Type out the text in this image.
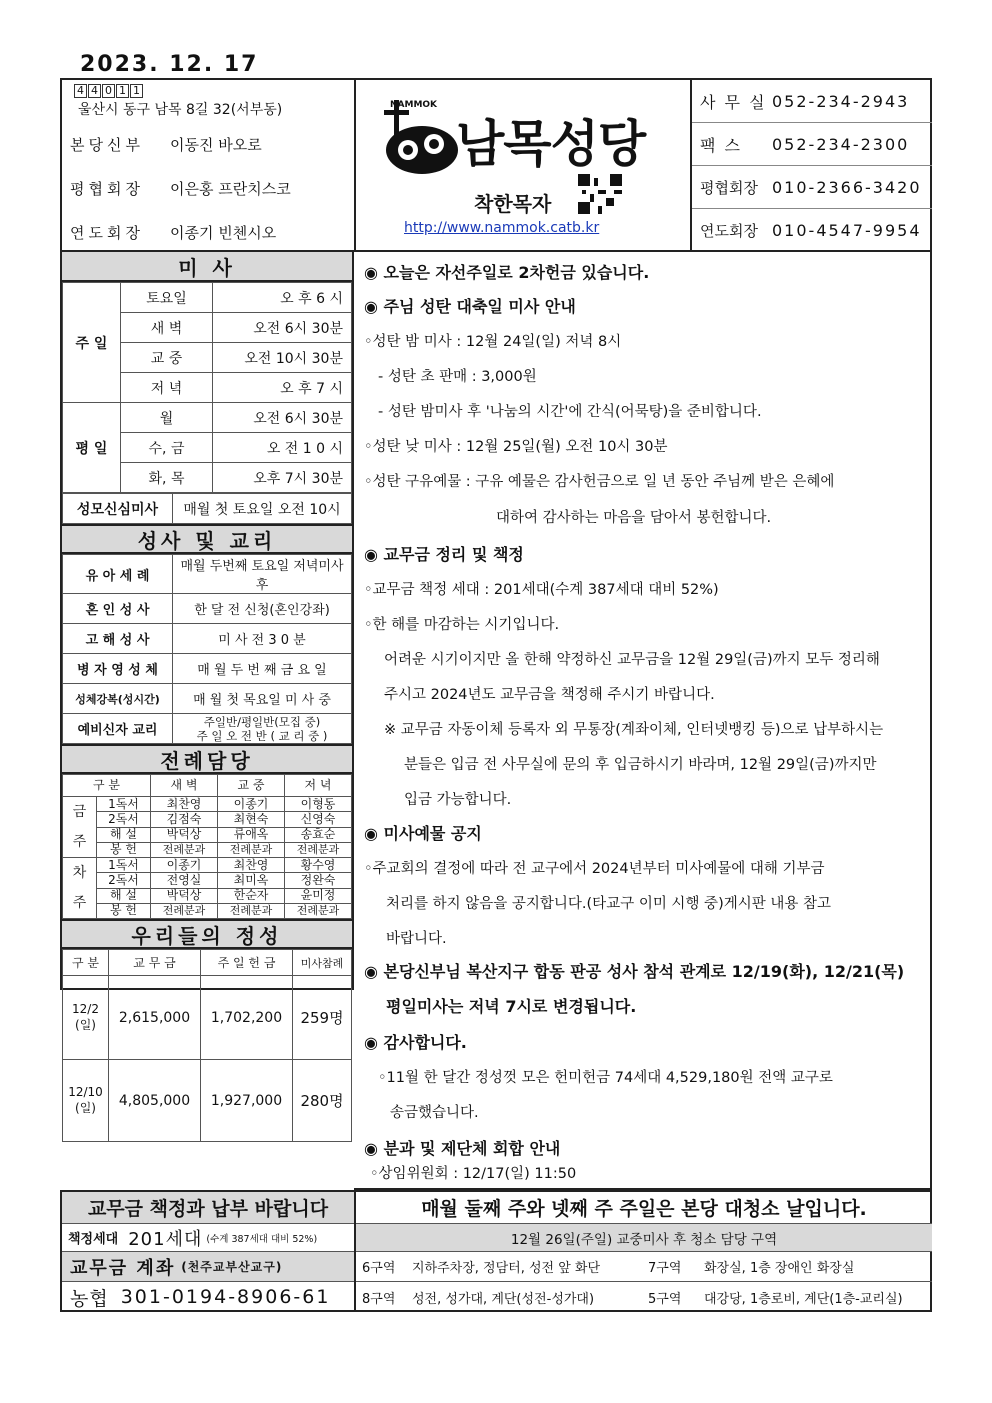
2023. 12. 17
4 4 0 1 1
울산시 동구 남목 8길 32(서부동)
본당신부	이동진 바오로
평협회장	이은홍 프란치스코
연도회장	이종기 빈첸시오
NAMMOK
남목성당
착한목자
http://www.nammok.catb.kr
사 무 실 052-234-2943
팩 스	052-234-2300
평협회장 010-2366-3420
연도회장 010-4547-9954
미 사
주 일	토요일	오 후 6 시
	새 벽	오전 6시 30분
	교 중	오전 10시 30분
	저 녁	오 후 7 시
평 일	월	오전 6시 30분
	수, 금	오 전 1 0 시
	화, 목	오후 7시 30분
성모신심미사	매월 첫 토요일 오전 10시
성사 및 교리
유 아 세 례	매월 두번째 토요일 저녁미사 후
혼 인 성 사	한 달 전 신청(혼인강좌)
고 해 성 사	미 사 전 3 0 분
병 자 영 성 체	매 월 두 번 째 금 요 일
성체강복(성시간)	매 월 첫 목요일 미 사 중
예비신자 교리	주일반/평일반(모집 중)
주 일 오 전 반 ( 교 리 중 )
전례담당
구 분		새 벽	교 중	저 녁

금
주	1독서	최찬영	이종기	이형동
	2독서	김점숙	최현숙	신영숙
	해 설	박덕상	류애옥	송효순
	봉 헌	전례분과	전례분과	전례분과

차
주	1독서	이종기	최찬영	황수영
	2독서	전영실	최미옥	정완숙
	해 설	박덕상	한순자	윤미정
	봉 헌	전례분과	전례분과	전례분과
우리들의 정성
구 분	교 무 금	주 일 헌 금	미사참례

12/2
(일)	2,615,000	1,702,200	259명

12/10
(일)	4,805,000	1,927,000	280명
◉ 오늘은 자선주일로 2차헌금 있습니다.
◉ 주님 성탄 대축일 미사 안내
◦성탄 밤 미사 : 12월 24일(일) 저녁 8시
- 성탄 초 판매 : 3,000원
- 성탄 밤미사 후 '나눔의 시간'에 간식(어묵탕)을 준비합니다.
◦성탄 낮 미사 : 12월 25일(월) 오전 10시 30분
◦성탄 구유예물 : 구유 예물은 감사헌금으로 일 년 동안 주님께 받은 은혜에
대하여 감사하는 마음을 담아서 봉헌합니다.
◉ 교무금 정리 및 책정
◦교무금 책정 세대 : 201세대(수계 387세대 대비 52%)
◦한 해를 마감하는 시기입니다.
어려운 시기이지만 올 한해 약정하신 교무금을 12월 29일(금)까지 모두 정리해
주시고 2024년도 교무금을 책정해 주시기 바랍니다.
※ 교무금 자동이체 등록자 외 무통장(계좌이체, 인터넷뱅킹 등)으로 납부하시는
분들은 입금 전 사무실에 문의 후 입금하시기 바라며, 12월 29일(금)까지만
입금 가능합니다.
◉ 미사예물 공지
◦주교회의 결정에 따라 전 교구에서 2024년부터 미사예물에 대해 기부금
처리를 하지 않음을 공지합니다.(타교구 이미 시행 중)게시판 내용 참고
바랍니다.
◉ 본당신부님 복산지구 합동 판공 성사 참석 관계로 12/19(화), 12/21(목)
평일미사는 저녁 7시로 변경됩니다.
◉ 감사합니다.
◦11월 한 달간 정성껏 모은 헌미헌금 74세대 4,529,180원 전액 교구로
송금했습니다.
◉ 분과 및 제단체 회합 안내
◦상임위원회 : 12/17(일) 11:50
교무금 책정과 납부 바랍니다
책정세대 201세대 (수계 387세대 대비 52%)
교무금 계좌 (천주교부산교구)
농협 301-0194-8906-61
매월 둘째 주와 넷째 주 주일은 본당 대청소 날입니다.
12월 26일(주일) 교중미사 후 청소 담당 구역
6구역	지하주차장, 정담터, 성전 앞 화단	7구역	화장실, 1층 장애인 화장실
8구역	성전, 성가대, 계단(성전-성가대)	5구역	대강당, 1층로비, 계단(1층-교리실)
